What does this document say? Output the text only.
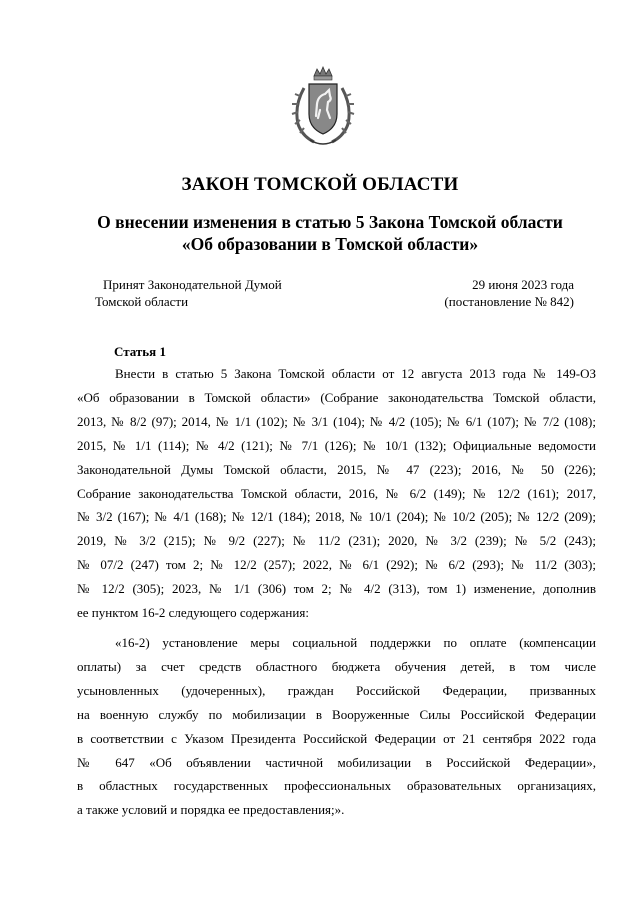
ЗАКОН ТОМСКОЙ ОБЛАСТИ
О внесении изменения в статью 5 Закона Томской области
«Об образовании в Томской области»
Принят Законодательной Думой
Томской области
29 июня 2023 года
(постановление № 842)
Статья 1
Внести в статью 5 Закона Томской области от 12 августа 2013 года № 149-ОЗ
«Об образовании в Томской области» (Собрание законодательства Томской области,
2013, № 8/2 (97); 2014, № 1/1 (102); № 3/1 (104); № 4/2 (105); № 6/1 (107); № 7/2 (108);
2015, № 1/1 (114); № 4/2 (121); № 7/1 (126); № 10/1 (132); Официальные ведомости
Законодательной Думы Томской области, 2015, № 47 (223); 2016, № 50 (226);
Собрание законодательства Томской области, 2016, № 6/2 (149); № 12/2 (161); 2017,
№ 3/2 (167); № 4/1 (168); № 12/1 (184); 2018, № 10/1 (204); № 10/2 (205); № 12/2 (209);
2019, № 3/2 (215); № 9/2 (227); № 11/2 (231); 2020, № 3/2 (239); № 5/2 (243);
№ 07/2 (247) том 2; № 12/2 (257); 2022, № 6/1 (292); № 6/2 (293); № 11/2 (303);
№ 12/2 (305); 2023, № 1/1 (306) том 2; № 4/2 (313), том 1) изменение, дополнив
ее пунктом 16-2 следующего содержания:
«16-2) установление меры социальной поддержки по оплате (компенсации
оплаты) за счет средств областного бюджета обучения детей, в том числе
усыновленных (удочеренных), граждан Российской Федерации, призванных
на военную службу по мобилизации в Вооруженные Силы Российской Федерации
в соответствии с Указом Президента Российской Федерации от 21 сентября 2022 года
№ 647 «Об объявлении частичной мобилизации в Российской Федерации»,
в областных государственных профессиональных образовательных организациях,
а также условий и порядка ее предоставления;».
